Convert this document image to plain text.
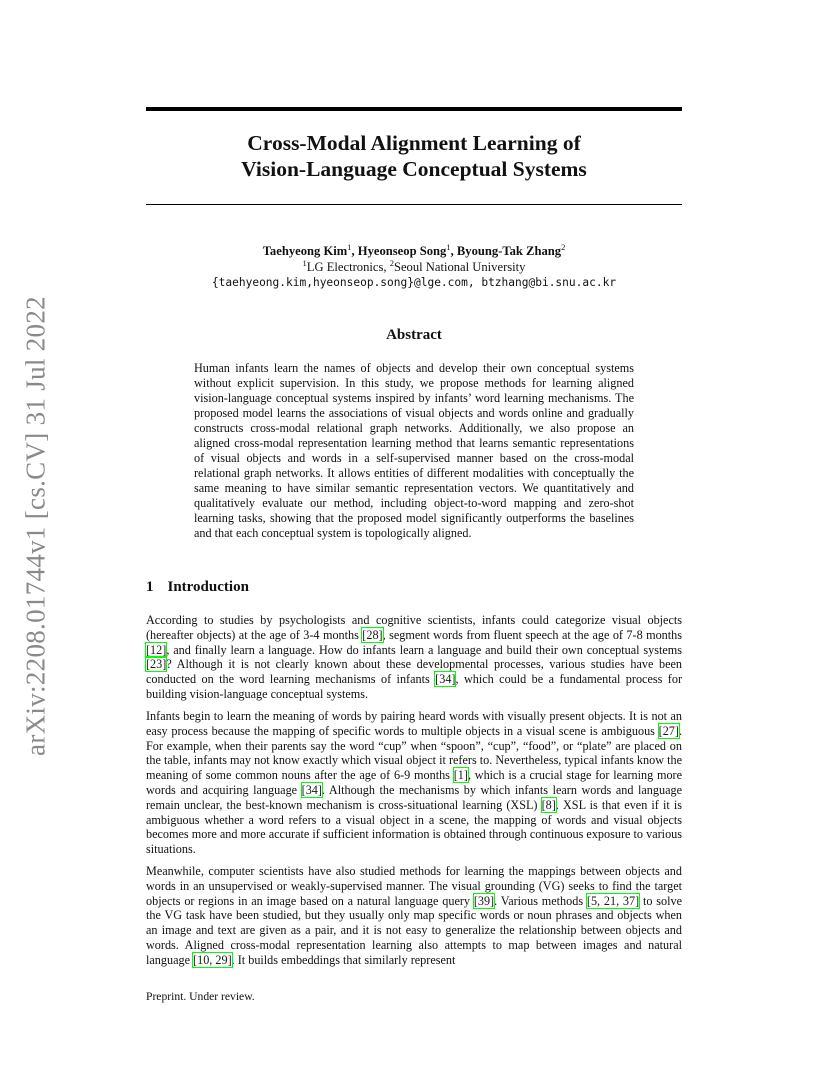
arXiv:2208.01744v1 [cs.CV] 31 Jul 2022
Cross-Modal Alignment Learning of
Vision-Language Conceptual Systems
Taehyeong Kim$^1$, Hyeonseop Song$^1$, Byoung-Tak Zhang$^2$
$^1$LG Electronics, $^2$Seoul National University
{taehyeong.kim,hyeonseop.song}@lge.com, btzhang@bi.snu.ac.kr
Abstract

Human infants learn the names of objects and develop their own conceptual systems without explicit supervision. In this study, we propose methods for learning aligned vision-language conceptual systems inspired by infants’ word learning mechanisms. The proposed model learns the associations of visual objects and words online and gradually constructs cross-modal relational graph networks. Additionally, we also propose an aligned cross-modal representation learning method that learns semantic representations of visual objects and words in a self-supervised manner based on the cross-modal relational graph networks. It allows entities of different modalities with conceptually the same meaning to have similar semantic representation vectors. We quantitatively and qualitatively evaluate our method, including object-to-word mapping and zero-shot learning tasks, showing that the proposed model significantly outperforms the baselines and that each conceptual system is topologically aligned.

1 Introduction

According to studies by psychologists and cognitive scientists, infants could categorize visual objects (hereafter objects) at the age of 3-4 months [28], segment words from fluent speech at the age of 7-8 months [12], and finally learn a language. How do infants learn a language and build their own conceptual systems [23]? Although it is not clearly known about these developmental processes, various studies have been conducted on the word learning mechanisms of infants [34], which could be a fundamental process for building vision-language conceptual systems.

Infants begin to learn the meaning of words by pairing heard words with visually present objects. It is not an easy process because the mapping of specific words to multiple objects in a visual scene is ambiguous [27]. For example, when their parents say the word “cup” when “spoon”, “cup”, “food”, or “plate” are placed on the table, infants may not know exactly which visual object it refers to. Nevertheless, typical infants know the meaning of some common nouns after the age of 6-9 months [1], which is a crucial stage for learning more words and acquiring language [34]. Although the mechanisms by which infants learn words and language remain unclear, the best-known mechanism is cross-situational learning (XSL) [8]. XSL is that even if it is ambiguous whether a word refers to a visual object in a scene, the mapping of words and visual objects becomes more and more accurate if sufficient information is obtained through continuous exposure to various situations.

Meanwhile, computer scientists have also studied methods for learning the mappings between objects and words in an unsupervised or weakly-supervised manner. The visual grounding (VG) seeks to find the target objects or regions in an image based on a natural language query [39]. Various methods [5, 21, 37] to solve the VG task have been studied, but they usually only map specific words or noun phrases and objects when an image and text are given as a pair, and it is not easy to generalize the relationship between objects and words. Aligned cross-modal representation learning also attempts to map between images and natural language [10, 29]. It builds embeddings that similarly represent

Preprint. Under review.
